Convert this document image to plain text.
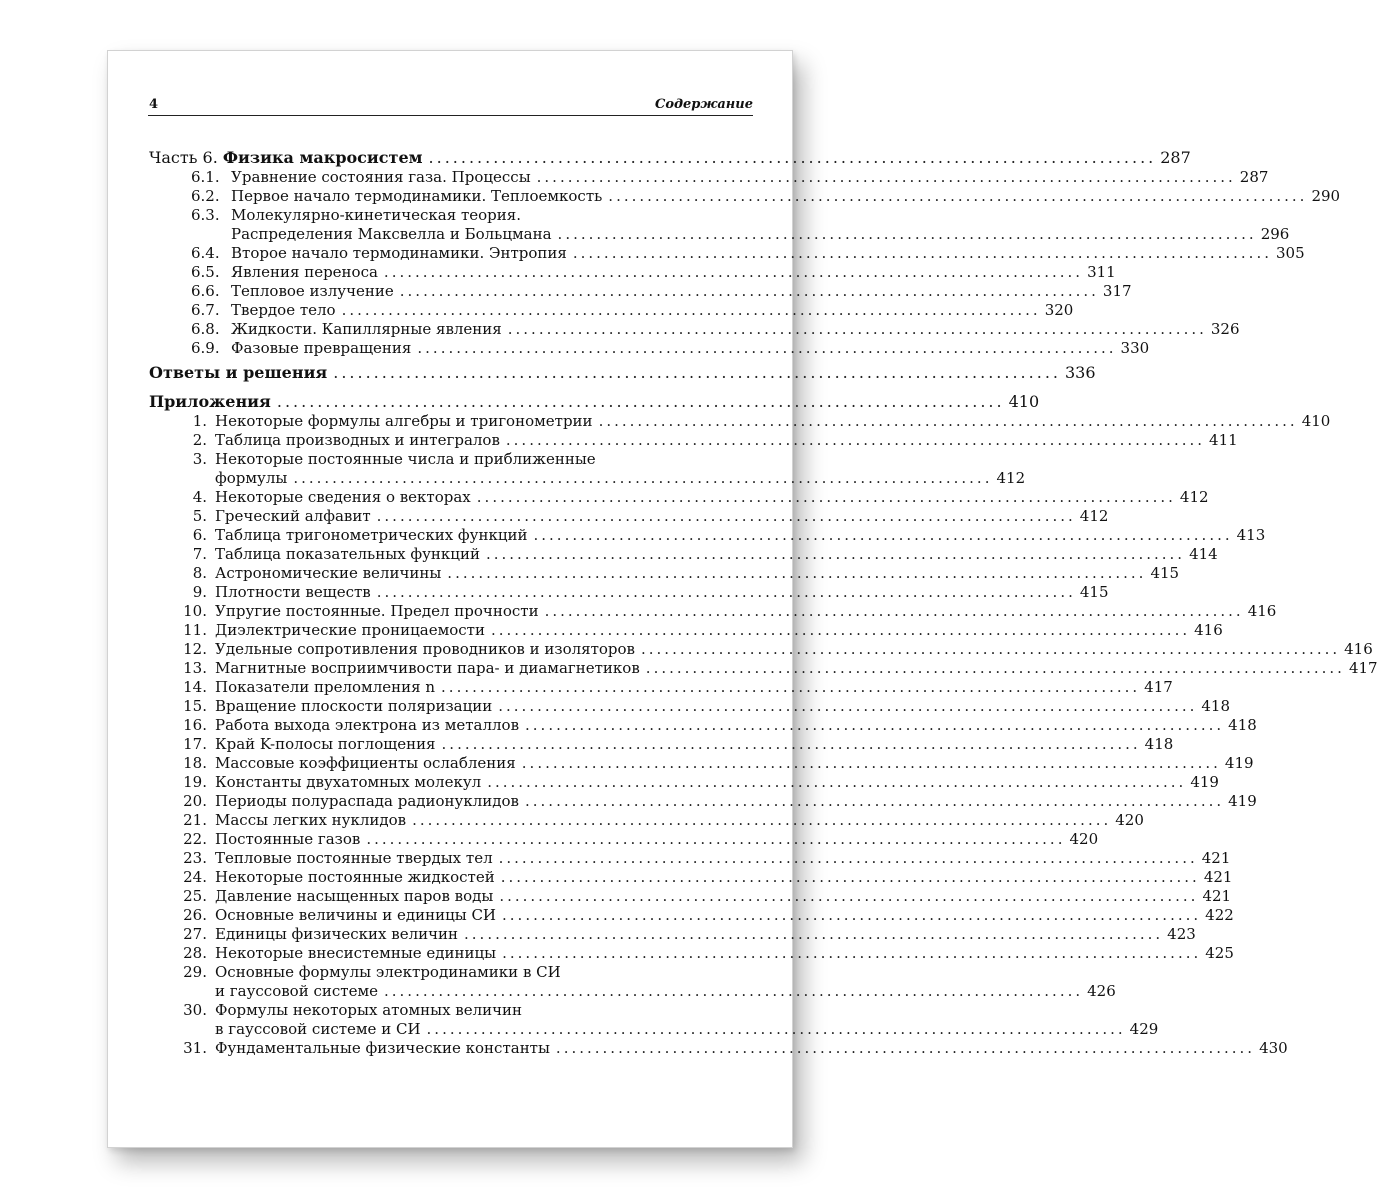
4	Содержание
Часть 6. Физика макросистем .......................................................................................... 287
6.1. Уравнение состояния газа. Процессы .......................................................................................... 287
6.2. Первое начало термодинамики. Теплоемкость .......................................................................................... 290
6.3. Молекулярно-кинетическая теория.
Распределения Максвелла и Больцмана .......................................................................................... 296
6.4. Второе начало термодинамики. Энтропия .......................................................................................... 305
6.5. Явления переноса .......................................................................................... 311
6.6. Тепловое излучение .......................................................................................... 317
6.7. Твердое тело .......................................................................................... 320
6.8. Жидкости. Капиллярные явления .......................................................................................... 326
6.9. Фазовые превращения .......................................................................................... 330
Ответы и решения .......................................................................................... 336
Приложения .......................................................................................... 410
1. Некоторые формулы алгебры и тригонометрии .......................................................................................... 410
2. Таблица производных и интегралов .......................................................................................... 411
3. Некоторые постоянные числа и приближенные
формулы .......................................................................................... 412
4. Некоторые сведения о векторах .......................................................................................... 412
5. Греческий алфавит .......................................................................................... 412
6. Таблица тригонометрических функций .......................................................................................... 413
7. Таблица показательных функций .......................................................................................... 414
8. Астрономические величины .......................................................................................... 415
9. Плотности веществ .......................................................................................... 415
10. Упругие постоянные. Предел прочности .......................................................................................... 416
11. Диэлектрические проницаемости .......................................................................................... 416
12. Удельные сопротивления проводников и изоляторов .......................................................................................... 416
13. Магнитные восприимчивости пара- и диамагнетиков .......................................................................................... 417
14. Показатели преломления n .......................................................................................... 417
15. Вращение плоскости поляризации .......................................................................................... 418
16. Работа выхода электрона из металлов .......................................................................................... 418
17. Край K-полосы поглощения .......................................................................................... 418
18. Массовые коэффициенты ослабления .......................................................................................... 419
19. Константы двухатомных молекул .......................................................................................... 419
20. Периоды полураспада радионуклидов .......................................................................................... 419
21. Массы легких нуклидов .......................................................................................... 420
22. Постоянные газов .......................................................................................... 420
23. Тепловые постоянные твердых тел .......................................................................................... 421
24. Некоторые постоянные жидкостей .......................................................................................... 421
25. Давление насыщенных паров воды .......................................................................................... 421
26. Основные величины и единицы СИ .......................................................................................... 422
27. Единицы физических величин .......................................................................................... 423
28. Некоторые внесистемные единицы .......................................................................................... 425
29. Основные формулы электродинамики в СИ
и гауссовой системе .......................................................................................... 426
30. Формулы некоторых атомных величин
в гауссовой системе и СИ .......................................................................................... 429
31. Фундаментальные физические константы .......................................................................................... 430
